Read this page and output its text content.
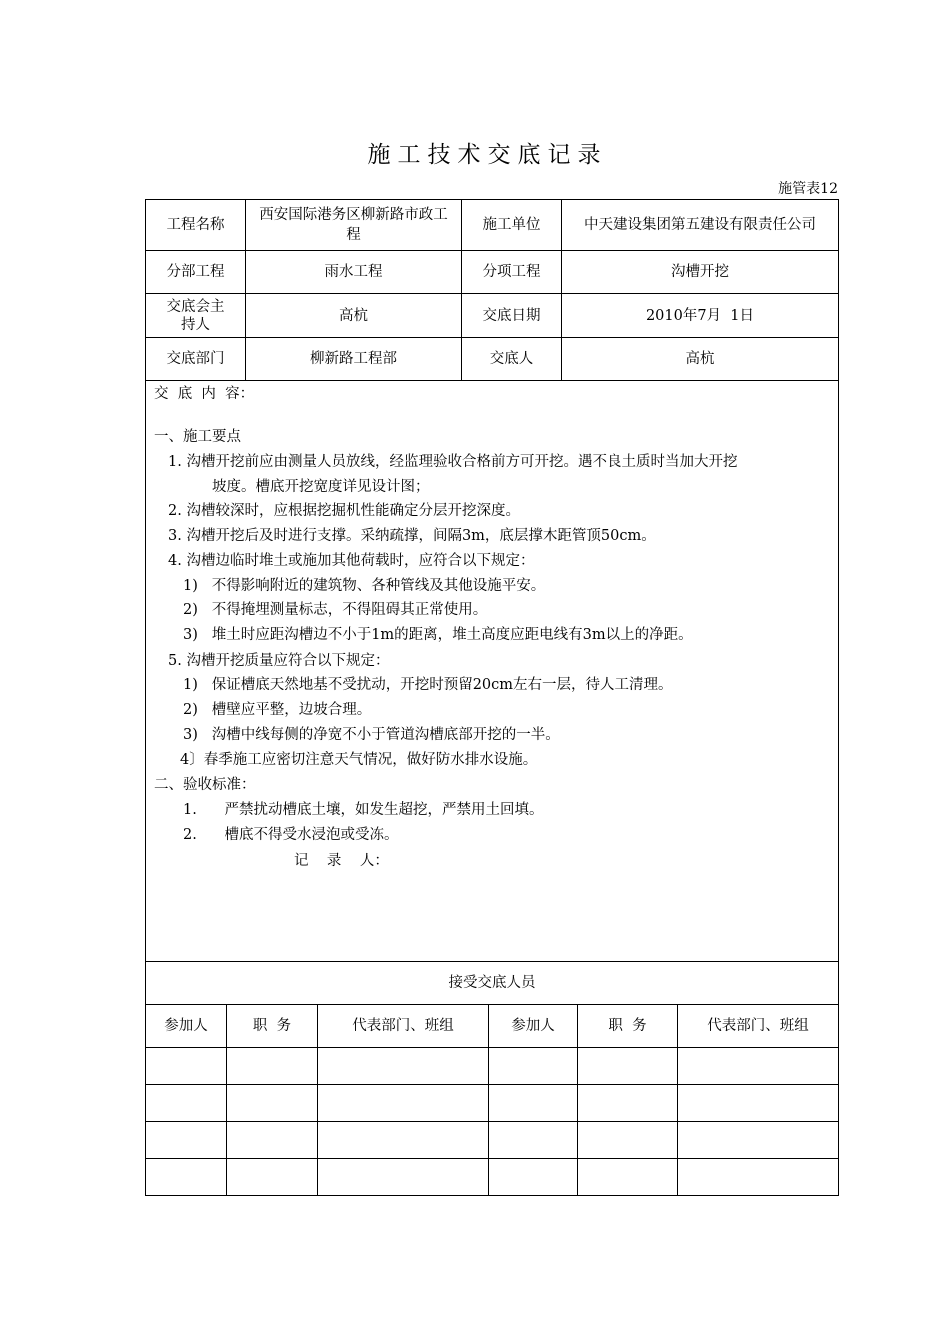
施工技术交底记录
施管表12
工程名称	西安国际港务区柳新路市政工程	施工单位	中天建设集团第五建设有限责任公司
分部工程	雨水工程	分项工程	沟槽开挖
交底会主持人	高杭	交底日期	2010年7月  1日
交底部门	柳新路工程部	交底人	高杭
交  底  内  容：
一、施工要点
1. 沟槽开挖前应由测量人员放线，经监理验收合格前方可开挖。遇不良土质时当加大开挖
坡度。槽底开挖宽度详见设计图；
2. 沟槽较深时，应根据挖掘机性能确定分层开挖深度。
3. 沟槽开挖后及时进行支撑。采纳疏撑，间隔3m，底层撑木距管顶50cm。
4. 沟槽边临时堆土或施加其他荷载时，应符合以下规定：
1)   不得影响附近的建筑物、各种管线及其他设施平安。
2)   不得掩埋测量标志，不得阻碍其正常使用。
3)   堆土时应距沟槽边不小于1m的距离，堆土高度应距电线有3m以上的净距。
5. 沟槽开挖质量应符合以下规定：
1)   保证槽底天然地基不受扰动，开挖时预留20cm左右一层，待人工清理。
2)   槽壁应平整，边坡合理。
3)   沟槽中线每侧的净宽不小于管道沟槽底部开挖的一半。
4〕春季施工应密切注意天气情况，做好防水排水设施。
二、验收标准：
1.      严禁扰动槽底土壤，如发生超挖，严禁用土回填。
2.      槽底不得受水浸泡或受冻。
记    录    人：
接受交底人员					
参加人	职  务	代表部门、班组	参加人	职  务	代表部门、班组
